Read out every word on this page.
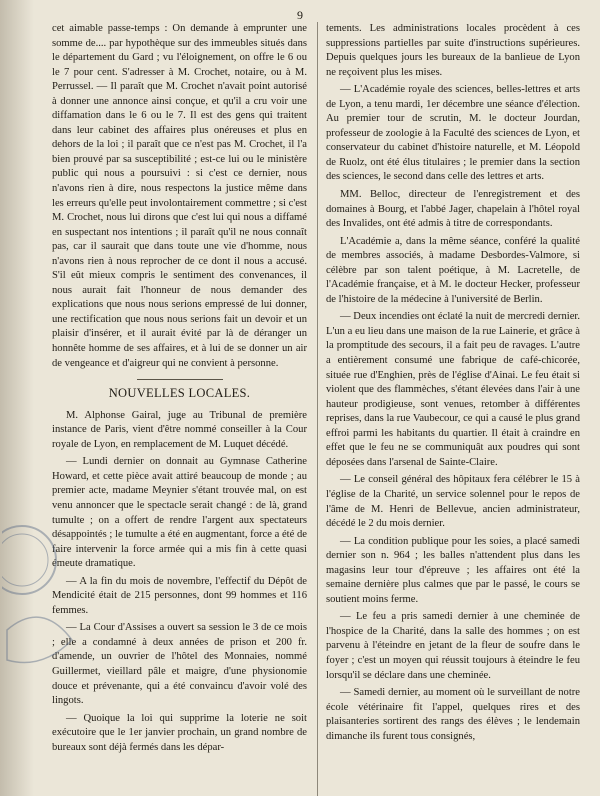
9

cet aimable passe-temps : On demande à emprunter une somme de.... par hypothèque sur des immeubles situés dans le département du Gard ; vu l'éloignement, on offre le 6 ou le 7 pour cent. S'adresser à M. Crochet, notaire, ou à M. Perrussel. — Il paraît que M. Crochet n'avait point autorisé à donner une annonce ainsi conçue, et qu'il a cru voir une diffamation dans le 6 ou le 7. Il est des gens qui traitent dans leur cabinet des affaires plus onéreuses et plus en dehors de la loi ; il paraît que ce n'est pas M. Crochet, il l'a bien prouvé par sa susceptibilité ; est-ce lui ou le ministère public qui nous a poursuivi : si c'est ce dernier, nous n'avons rien à dire, nous respectons la justice même dans les erreurs qu'elle peut involontairement commettre ; si c'est M. Crochet, nous lui dirons que c'est lui qui nous a diffamé en suspectant nos intentions ; il paraît qu'il ne nous connaît pas, car il saurait que dans toute une vie d'homme, nous n'avons rien à nous reprocher de ce dont il nous a accusé. S'il eût mieux compris le sentiment des convenances, il nous aurait fait l'honneur de nous demander des explications que nous nous serions empressé de lui donner, une rectification que nous nous serions fait un devoir et un plaisir d'insérer, et il aurait évité par là de déranger un honnête homme de ses affaires, et à lui de se donner un air de vengeance et d'aigreur qui ne convient à personne.

NOUVELLES LOCALES.

M. Alphonse Gairal, juge au Tribunal de première instance de Paris, vient d'être nommé conseiller à la Cour royale de Lyon, en remplacement de M. Luquet décédé.

— Lundi dernier on donnait au Gymnase Catherine Howard, et cette pièce avait attiré beaucoup de monde ; au premier acte, madame Meynier s'étant trouvée mal, on est venu annoncer que le spectacle serait changé : de là, grand tumulte ; on a offert de rendre l'argent aux spectateurs désappointés ; le tumulte a été en augmentant, force a été de faire intervenir la force armée qui a mis fin à cette quasi émeute dramatique.

— A la fin du mois de novembre, l'effectif du Dépôt de Mendicité était de 215 personnes, dont 99 hommes et 116 femmes.

— La Cour d'Assises a ouvert sa session le 3 de ce mois ; elle a condamné à deux années de prison et 200 fr. d'amende, un ouvrier de l'hôtel des Monnaies, nommé Guillermet, vieillard pâle et maigre, d'une physionomie douce et prévenante, qui a été convaincu d'avoir volé des lingots.

— Quoique la loi qui supprime la loterie ne soit exécutoire que le 1er janvier prochain, un grand nombre de bureaux sont déjà fermés dans les dépar-

tements. Les administrations locales procèdent à ces suppressions partielles par suite d'instructions supérieures. Depuis quelques jours les bureaux de la banlieue de Lyon ne reçoivent plus les mises.

— L'Académie royale des sciences, belles-lettres et arts de Lyon, a tenu mardi, 1er décembre une séance d'élection. Au premier tour de scrutin, M. le docteur Jourdan, professeur de zoologie à la Faculté des sciences de Lyon, et conservateur du cabinet d'histoire naturelle, et M. Léopold de Ruolz, ont été élus titulaires ; le premier dans la section des sciences, le second dans celle des lettres et arts.

MM. Belloc, directeur de l'enregistrement et des domaines à Bourg, et l'abbé Jager, chapelain à l'hôtel royal des Invalides, ont été admis à titre de correspondants.

L'Académie a, dans la même séance, conféré la qualité de membres associés, à madame Desbordes-Valmore, si célèbre par son talent poétique, à M. Lacretelle, de l'Académie française, et à M. le docteur Hecker, professeur de l'histoire de la médecine à l'université de Berlin.

— Deux incendies ont éclaté la nuit de mercredi dernier. L'un a eu lieu dans une maison de la rue Lainerie, et grâce à la promptitude des secours, il a fait peu de ravages. L'autre a entièrement consumé une fabrique de café-chicorée, située rue d'Enghien, près de l'église d'Ainai. Le feu était si violent que des flammèches, s'étant élevées dans l'air à une hauteur prodigieuse, sont venues, retomber à différentes reprises, dans la rue Vaubecour, ce qui a causé le plus grand effroi parmi les habitants du quartier. Il était à craindre en effet que le feu ne se communiquât aux poudres qui sont déposées dans l'arsenal de Sainte-Claire.

— Le conseil général des hôpitaux fera célébrer le 15 à l'église de la Charité, un service solennel pour le repos de l'âme de M. Henri de Bellevue, ancien administrateur, décédé le 2 du mois dernier.

— La condition publique pour les soies, a placé samedi dernier son n. 964 ; les balles n'attendent plus dans les magasins leur tour d'épreuve ; les affaires ont été la semaine dernière plus calmes que par le passé, le cours se soutient moins ferme.

— Le feu a pris samedi dernier à une cheminée de l'hospice de la Charité, dans la salle des hommes ; on est parvenu à l'éteindre en jetant de la fleur de soufre dans le foyer ; c'est un moyen qui réussit toujours à éteindre le feu lorsqu'il se déclare dans une cheminée.

— Samedi dernier, au moment où le surveillant de notre école vétérinaire fit l'appel, quelques rires et des plaisanteries sortirent des rangs des élèves ; le lendemain dimanche ils furent tous consignés,
